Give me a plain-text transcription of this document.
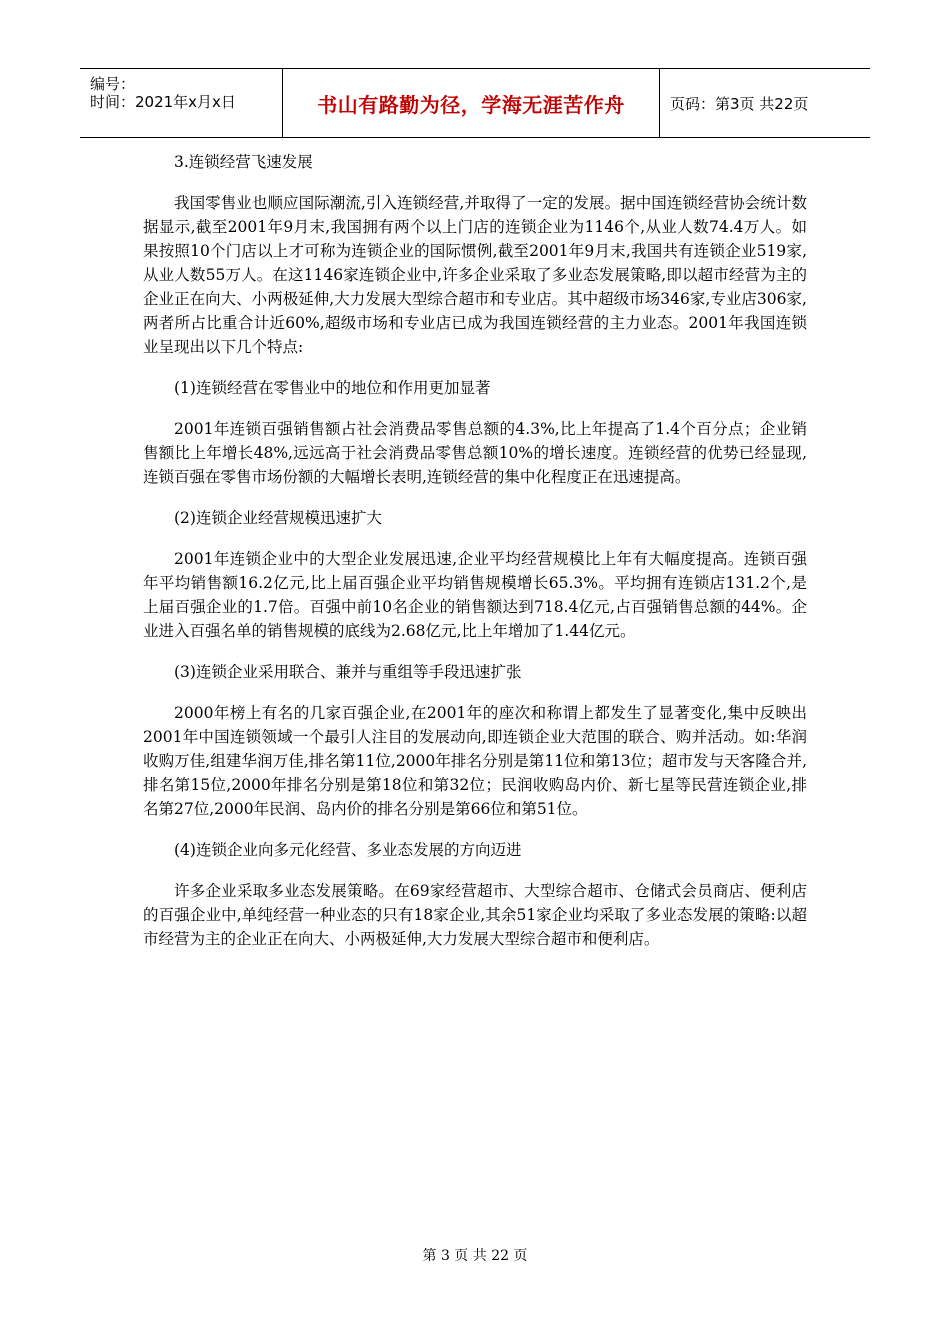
编号：
时间：2021年x月x日	书山有路勤为径，学海无涯苦作舟	页码：第3页 共22页
3.连锁经营飞速发展

我国零售业也顺应国际潮流,引入连锁经营,并取得了一定的发展。据中国连锁经营协会统计数据显示,截至2001年9月末,我国拥有两个以上门店的连锁企业为1146个,从业人数74.4万人。如果按照10个门店以上才可称为连锁企业的国际惯例,截至2001年9月末,我国共有连锁企业519家,从业人数55万人。在这1146家连锁企业中,许多企业采取了多业态发展策略,即以超市经营为主的企业正在向大、小两极延伸,大力发展大型综合超市和专业店。其中超级市场346家,专业店306家,两者所占比重合计近60%,超级市场和专业店已成为我国连锁经营的主力业态。2001年我国连锁业呈现出以下几个特点:

(1)连锁经营在零售业中的地位和作用更加显著

2001年连锁百强销售额占社会消费品零售总额的4.3%,比上年提高了1.4个百分点；企业销售额比上年增长48%,远远高于社会消费品零售总额10%的增长速度。连锁经营的优势已经显现,连锁百强在零售市场份额的大幅增长表明,连锁经营的集中化程度正在迅速提高。

(2)连锁企业经营规模迅速扩大

2001年连锁企业中的大型企业发展迅速,企业平均经营规模比上年有大幅度提高。连锁百强年平均销售额16.2亿元,比上届百强企业平均销售规模增长65.3%。平均拥有连锁店131.2个,是上届百强企业的1.7倍。百强中前10名企业的销售额达到718.4亿元,占百强销售总额的44%。企业进入百强名单的销售规模的底线为2.68亿元,比上年增加了1.44亿元。

(3)连锁企业采用联合、兼并与重组等手段迅速扩张

2000年榜上有名的几家百强企业,在2001年的座次和称谓上都发生了显著变化,集中反映出2001年中国连锁领域一个最引人注目的发展动向,即连锁企业大范围的联合、购并活动。如:华润收购万佳,组建华润万佳,排名第11位,2000年排名分别是第11位和第13位；超市发与天客隆合并,排名第15位,2000年排名分别是第18位和第32位；民润收购岛内价、新七星等民营连锁企业,排名第27位,2000年民润、岛内价的排名分别是第66位和第51位。

(4)连锁企业向多元化经营、多业态发展的方向迈进

许多企业采取多业态发展策略。在69家经营超市、大型综合超市、仓储式会员商店、便利店的百强企业中,单纯经营一种业态的只有18家企业,其余51家企业均采取了多业态发展的策略:以超市经营为主的企业正在向大、小两极延伸,大力发展大型综合超市和便利店。

第 3 页 共 22 页
